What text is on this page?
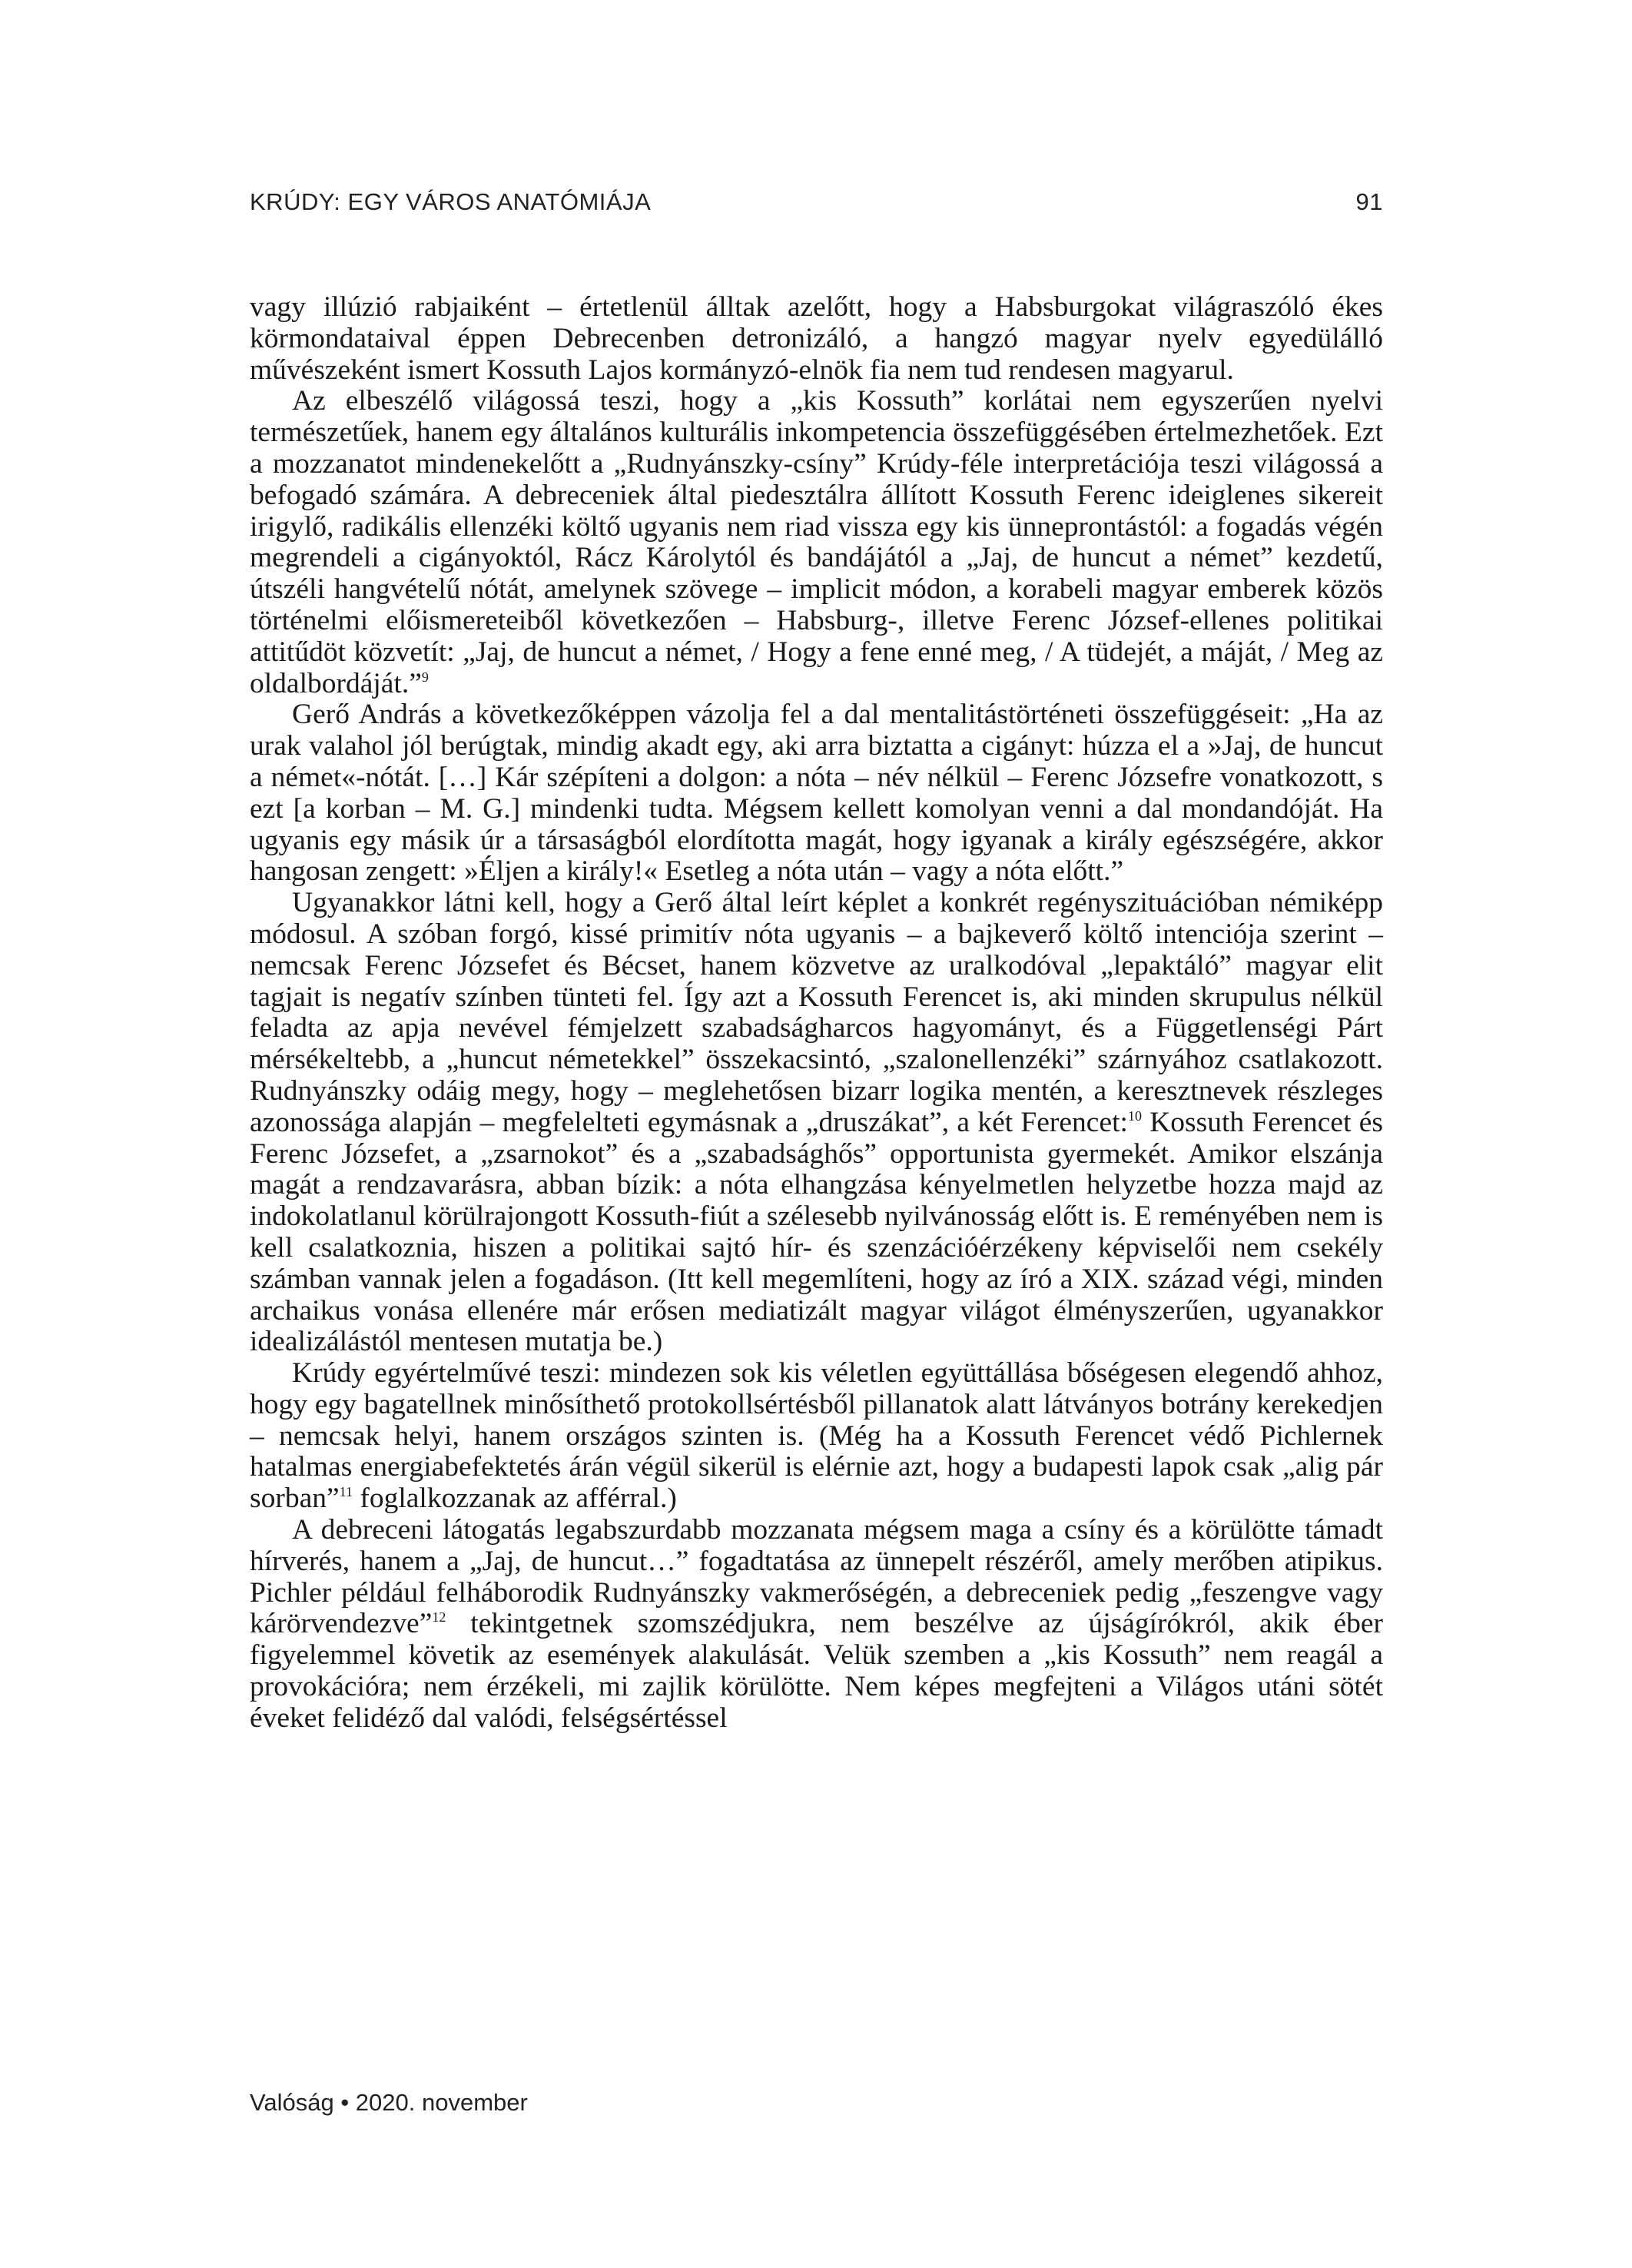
KRÚDY: EGY VÁROS ANATÓMIÁJA	91

vagy illúzió rabjaiként – értetlenül álltak azelőtt, hogy a Habsburgokat világraszóló ékes körmondataival éppen Debrecenben detronizáló, a hangzó magyar nyelv egyedülálló művészeként ismert Kossuth Lajos kormányzó-elnök fia nem tud rendesen magyarul.

Az elbeszélő világossá teszi, hogy a „kis Kossuth” korlátai nem egyszerűen nyelvi természetűek, hanem egy általános kulturális inkompetencia összefüggésében értelmezhetőek. Ezt a mozzanatot mindenekelőtt a „Rudnyánszky-csíny” Krúdy-féle interpretációja teszi világossá a befogadó számára. A debreceniek által piedesztálra állított Kossuth Ferenc ideiglenes sikereit irigylő, radikális ellenzéki költő ugyanis nem riad vissza egy kis ünneprontástól: a fogadás végén megrendeli a cigányoktól, Rácz Károlytól és bandájától a „Jaj, de huncut a német” kezdetű, útszéli hangvételű nótát, amelynek szövege – implicit módon, a korabeli magyar emberek közös történelmi előismereteiből következően – Habsburg-, illetve Ferenc József-ellenes politikai attitűdöt közvetít: „Jaj, de huncut a német, / Hogy a fene enné meg, / A tüdejét, a máját, / Meg az oldalbordáját.”$^9$

Gerő András a következőképpen vázolja fel a dal mentalitástörténeti összefüggéseit: „Ha az urak valahol jól berúgtak, mindig akadt egy, aki arra biztatta a cigányt: húzza el a »Jaj, de huncut a német«-nótát. […] Kár szépíteni a dolgon: a nóta – név nélkül – Ferenc Józsefre vonatkozott, s ezt [a korban – M. G.] mindenki tudta. Mégsem kellett komolyan venni a dal mondandóját. Ha ugyanis egy másik úr a társaságból elordította magát, hogy igyanak a király egészségére, akkor hangosan zengett: »Éljen a király!« Esetleg a nóta után – vagy a nóta előtt.”

Ugyanakkor látni kell, hogy a Gerő által leírt képlet a konkrét regényszituációban némiképp módosul. A szóban forgó, kissé primitív nóta ugyanis – a bajkeverő költő intenciója szerint – nemcsak Ferenc Józsefet és Bécset, hanem közvetve az uralkodóval „lepaktáló” magyar elit tagjait is negatív színben tünteti fel. Így azt a Kossuth Ferencet is, aki minden skrupulus nélkül feladta az apja nevével fémjelzett szabadságharcos hagyományt, és a Függetlenségi Párt mérsékeltebb, a „huncut németekkel” összekacsintó, „szalonellenzéki” szárnyához csatlakozott. Rudnyánszky odáig megy, hogy – meglehetősen bizarr logika mentén, a keresztnevek részleges azonossága alapján – megfelelteti egymásnak a „druszákat”, a két Ferencet:$^{10}$ Kossuth Ferencet és Ferenc Józsefet, a „zsarnokot” és a „szabadsághős” opportunista gyermekét. Amikor elszánja magát a rendzavarásra, abban bízik: a nóta elhangzása kényelmetlen helyzetbe hozza majd az indokolatlanul körülrajongott Kossuth-fiút a szélesebb nyilvánosság előtt is. E reményében nem is kell csalatkoznia, hiszen a politikai sajtó hír- és szenzációérzékeny képviselői nem csekély számban vannak jelen a fogadáson. (Itt kell megemlíteni, hogy az író a XIX. század végi, minden archaikus vonása ellenére már erősen mediatizált magyar világot élményszerűen, ugyanakkor idealizálástól mentesen mutatja be.)

Krúdy egyértelművé teszi: mindezen sok kis véletlen együttállása bőségesen elegendő ahhoz, hogy egy bagatellnek minősíthető protokollsértésből pillanatok alatt látványos botrány kerekedjen – nemcsak helyi, hanem országos szinten is. (Még ha a Kossuth Ferencet védő Pichlernek hatalmas energiabefektetés árán végül sikerül is elérnie azt, hogy a budapesti lapok csak „alig pár sorban”$^{11}$ foglalkozzanak az afférral.)

A debreceni látogatás legabszurdabb mozzanata mégsem maga a csíny és a körülötte támadt hírverés, hanem a „Jaj, de huncut…” fogadtatása az ünnepelt részéről, amely merőben atipikus. Pichler például felháborodik Rudnyánszky vakmerőségén, a debreceniek pedig „feszengve vagy kárörvendezve”$^{12}$ tekintgetnek szomszédjukra, nem beszélve az újságírókról, akik éber figyelemmel követik az események alakulását. Velük szemben a „kis Kossuth” nem reagál a provokációra; nem érzékeli, mi zajlik körülötte. Nem képes megfejteni a Világos utáni sötét éveket felidéző dal valódi, felségsértéssel

Valóság • 2020. november
